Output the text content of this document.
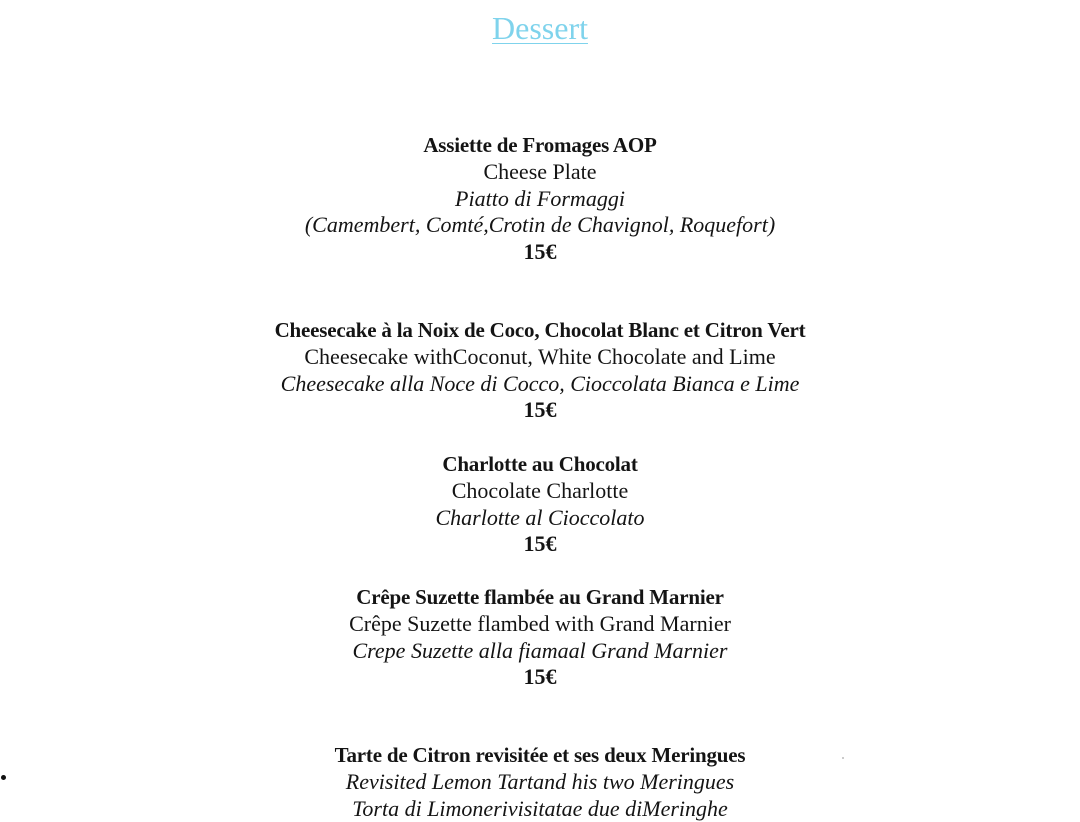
Dessert
Assiette de Fromages AOP
Cheese Plate
Piatto di Formaggi
(Camembert, Comté,Crotin de Chavignol, Roquefort)
15€
Cheesecake à la Noix de Coco, Chocolat Blanc et Citron Vert
Cheesecake withCoconut, White Chocolate and Lime
Cheesecake alla Noce di Cocco, Cioccolata Bianca e Lime
15€
Charlotte au Chocolat
Chocolate Charlotte
Charlotte al Cioccolato
15€
Crêpe Suzette flambée au Grand Marnier
Crêpe Suzette flambed with Grand Marnier
Crepe Suzette alla fiamaal Grand Marnier
15€
Tarte de Citron revisitée et ses deux Meringues
Revisited Lemon Tartand his two Meringues
Torta di Limonerivisitatae due diMeringhe
